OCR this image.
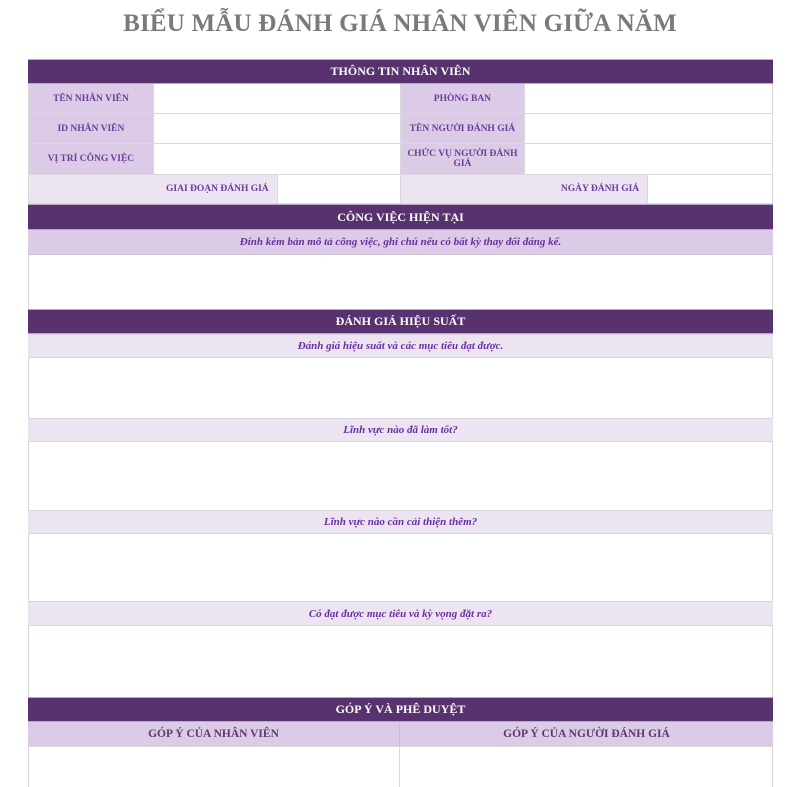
BIỂU MẪU ĐÁNH GIÁ NHÂN VIÊN GIỮA NĂM
THÔNG TIN NHÂN VIÊN
TÊN NHÂN VIÊN	PHÒNG BAN
ID NHÂN VIÊN	TÊN NGƯỜI ĐÁNH GIÁ
VỊ TRÍ CÔNG VIỆC	CHỨC VỤ NGƯỜI ĐÁNH GIÁ
GIAI ĐOẠN ĐÁNH GIÁ	NGÀY ĐÁNH GIÁ
CÔNG VIỆC HIỆN TẠI
Đính kèm bản mô tả công việc, ghi chú nếu có bất kỳ thay đổi đáng kể.
ĐÁNH GIÁ HIỆU SUẤT
Đánh giá hiệu suất và các mục tiêu đạt được.
Lĩnh vực nào đã làm tốt?
Lĩnh vực nào cần cải thiện thêm?
Có đạt được mục tiêu và kỳ vọng đặt ra?
GÓP Ý VÀ PHÊ DUYỆT
GÓP Ý CỦA NHÂN VIÊN	GÓP Ý CỦA NGƯỜI ĐÁNH GIÁ
